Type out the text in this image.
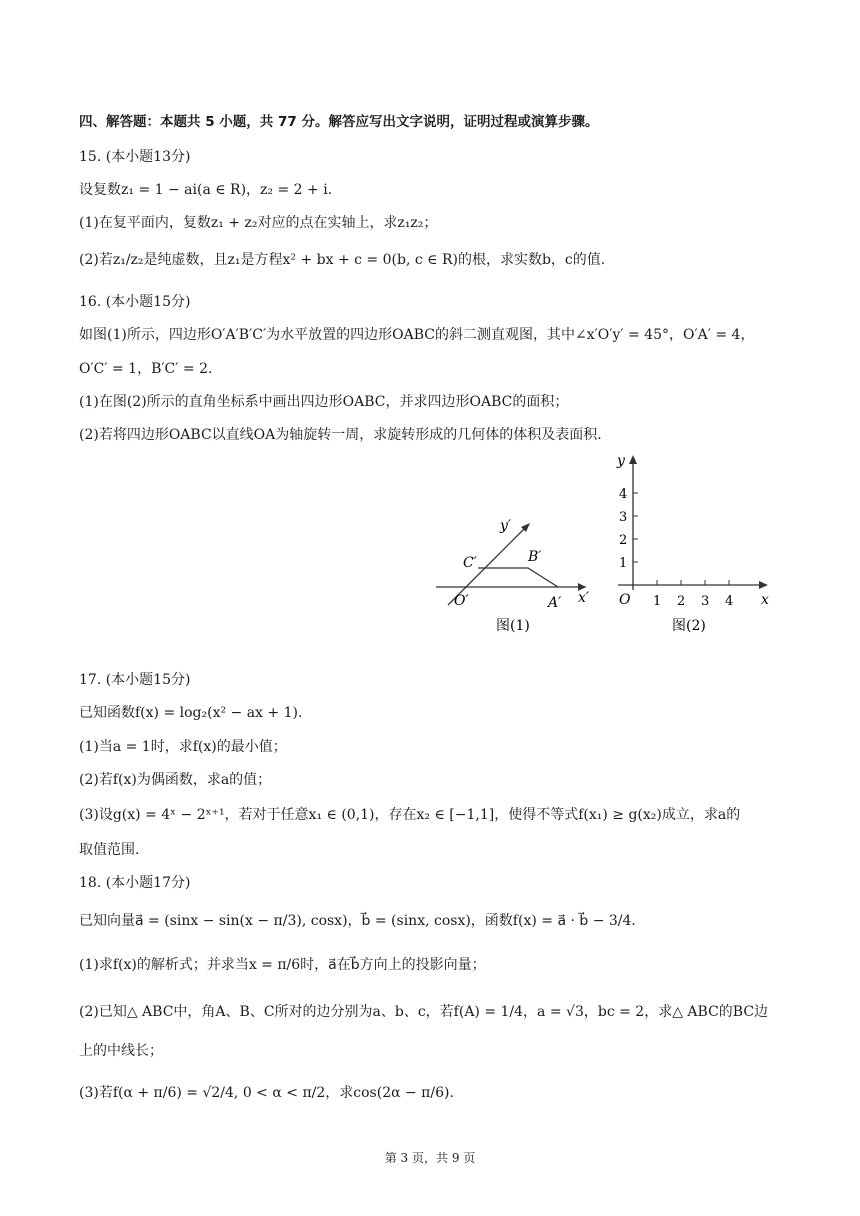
四、解答题：本题共 5 小题，共 77 分。解答应写出文字说明，证明过程或演算步骤。
15. (本小题13分)
设复数z₁ = 1 − ai(a ∈ R)，z₂ = 2 + i.
(1)在复平面内，复数z₁ + z₂对应的点在实轴上，求z₁z₂；
(2)若z₁/z₂是纯虚数，且z₁是方程x² + bx + c = 0(b, c ∈ R)的根，求实数b，c的值.
16. (本小题15分)
如图(1)所示，四边形O′A′B′C′为水平放置的四边形OABC的斜二测直观图，其中∠x′O′y′ = 45°，O′A′ = 4，
O′C′ = 1，B′C′ = 2.
(1)在图(2)所示的直角坐标系中画出四边形OABC，并求四边形OABC的面积；
(2)若将四边形OABC以直线OA为轴旋转一周，求旋转形成的几何体的体积及表面积.
y′
C′	B′
O′	A′ x′
图(1)
y
x
O 1 2 3 4
1
2
3
4
图(2)
17. (本小题15分)
已知函数f(x) = log₂(x² − ax + 1).
(1)当a = 1时，求f(x)的最小值；
(2)若f(x)为偶函数，求a的值；
(3)设g(x) = 4ˣ − 2ˣ⁺¹，若对于任意x₁ ∈ (0,1)，存在x₂ ∈ [−1,1]，使得不等式f(x₁) ≥ g(x₂)成立，求a的
取值范围.
18. (本小题17分)
已知向量a⃗ = (sinx − sin(x − π/3), cosx)，b⃗ = (sinx, cosx)，函数f(x) = a⃗ · b⃗ − 3/4.
(1)求f(x)的解析式；并求当x = π/6时，a⃗在b⃗方向上的投影向量；
(2)已知△ ABC中，角A、B、C所对的边分别为a、b、c，若f(A) = 1/4，a = √3，bc = 2，求△ ABC的BC边
上的中线长；
(3)若f(α + π/6) = √2/4, 0 < α < π/2，求cos(2α − π/6).
第 3 页，共 9 页
